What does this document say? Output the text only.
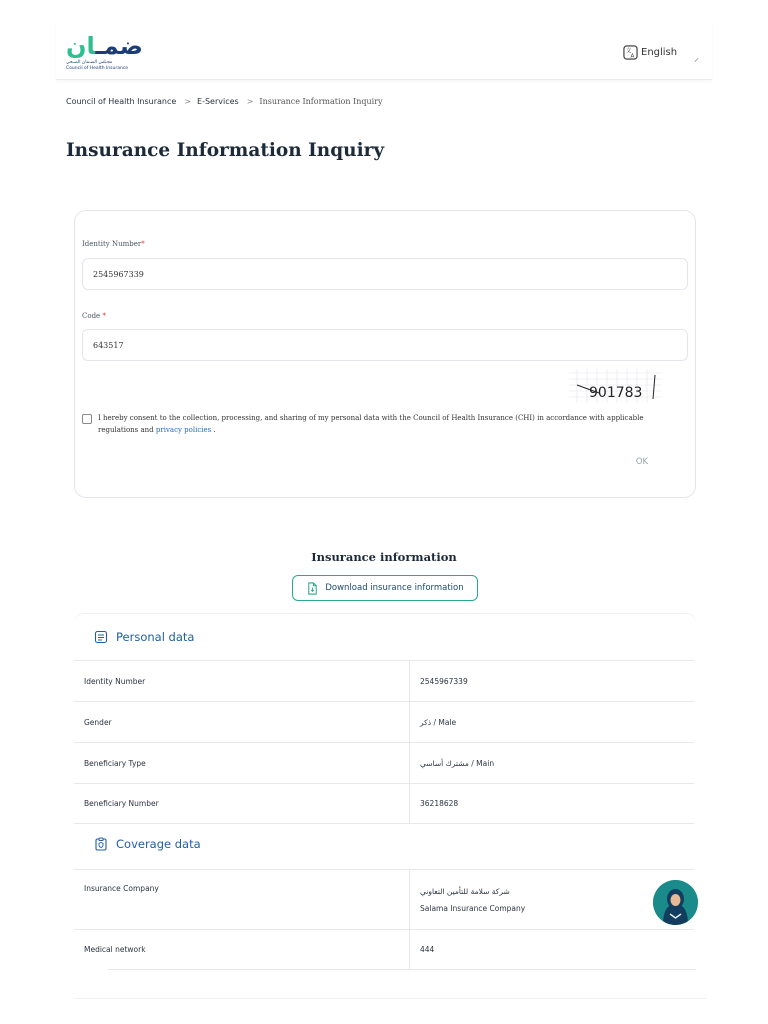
ضمـان
مجـلس الضـمان الصـحي
Council of Health Insurance
文
A English
⸝
Council of Health Insurance > E-Services > Insurance Information Inquiry
Insurance Information Inquiry
Identity Number*
2545967339
Code *
643517
901783
I hereby consent to the collection, processing, and sharing of my personal data with the Council of Health Insurance (CHI) in accordance with applicable regulations and privacy policies .
OK
Insurance information
Download insurance information
Personal data
Identity Number	2545967339
Gender	ذكر / Male
Beneficiary Type	مشترك أساسي / Main
Beneficiary Number	36218628
Coverage data
Insurance Company	شركة سلامة للتأمين التعاوني
Salama Insurance Company
Medical network	444
